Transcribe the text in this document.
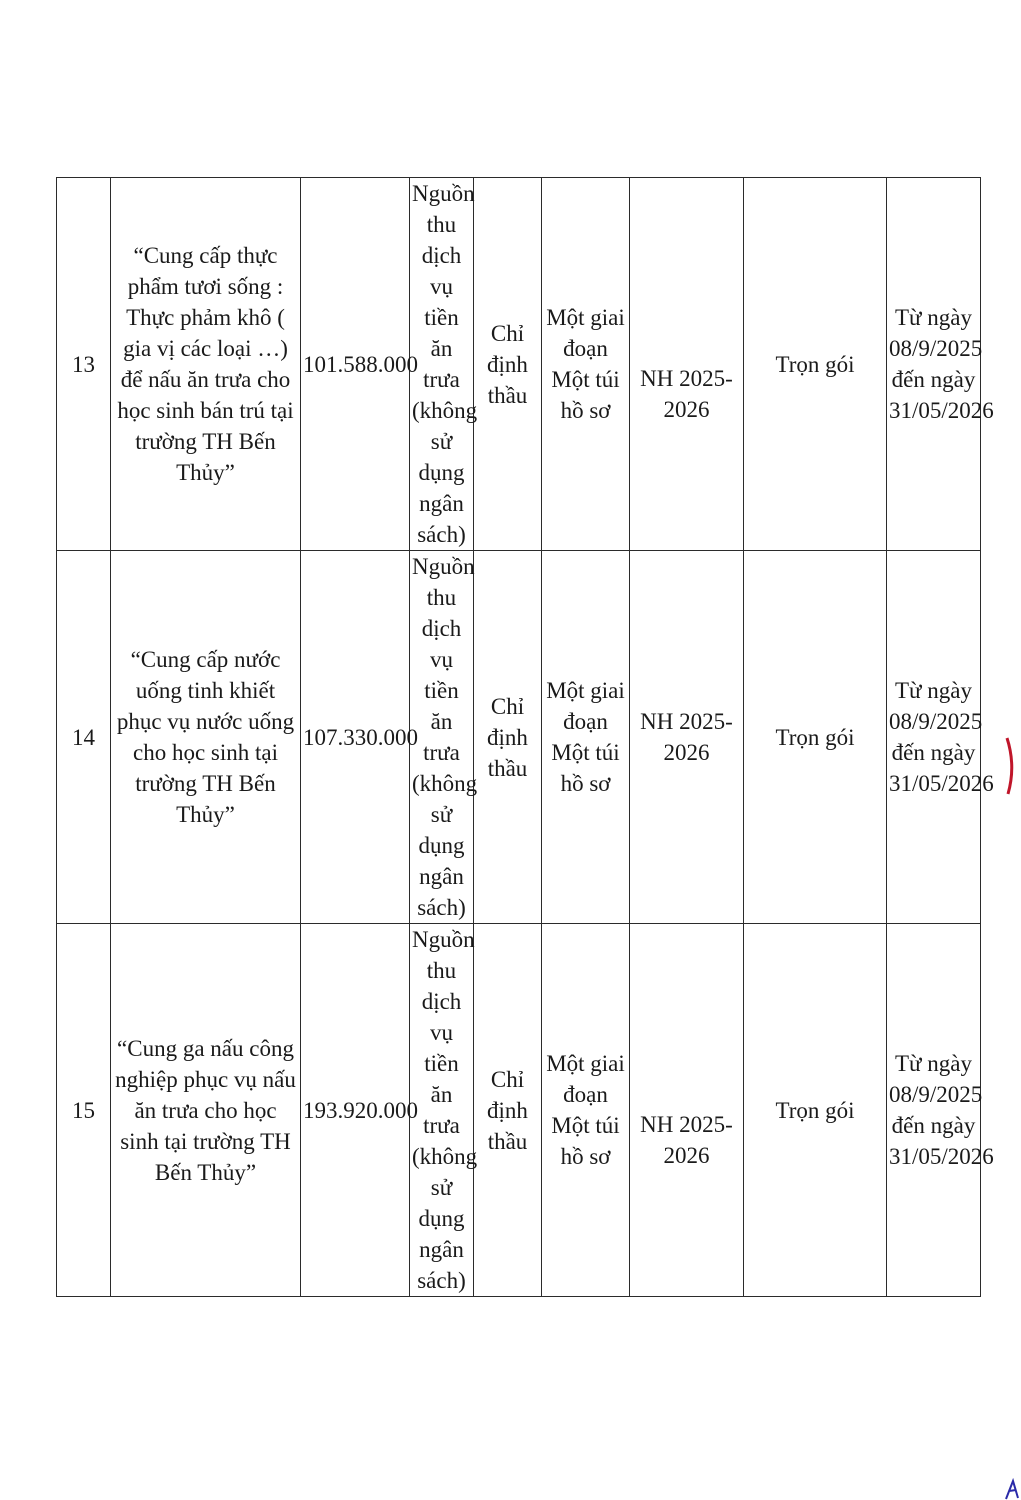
13	“Cung cấp thực phẩm tươi sống : Thực phảm khô ( gia vị các loại …) để nấu ăn trưa cho học sinh bán trú tại trường TH Bến Thủy”	101.588.000	Nguồn thu dịch vụ tiền ăn trưa (không sử dụng ngân sách)	Chỉ định thầu	Một giai đoạn Một túi hồ sơ	NH 2025-2026	Trọn gói	Từ ngày 08/9/2025 đến ngày 31/05/2026
14	“Cung cấp nước uống tinh khiết phục vụ nước uống cho học sinh tại trường TH Bến Thủy”	107.330.000	Nguồn thu dịch vụ tiền ăn trưa (không sử dụng ngân sách)	Chỉ định thầu	Một giai đoạn Một túi hồ sơ	NH 2025-2026	Trọn gói	Từ ngày 08/9/2025 đến ngày 31/05/2026
15	“Cung ga nấu công nghiệp phục vụ nấu ăn trưa cho học sinh tại trường TH Bến Thủy”	193.920.000	Nguồn thu dịch vụ tiền ăn trưa (không sử dụng ngân sách)	Chỉ định thầu	Một giai đoạn Một túi hồ sơ	NH 2025-2026	Trọn gói	Từ ngày 08/9/2025 đến ngày 31/05/2026
